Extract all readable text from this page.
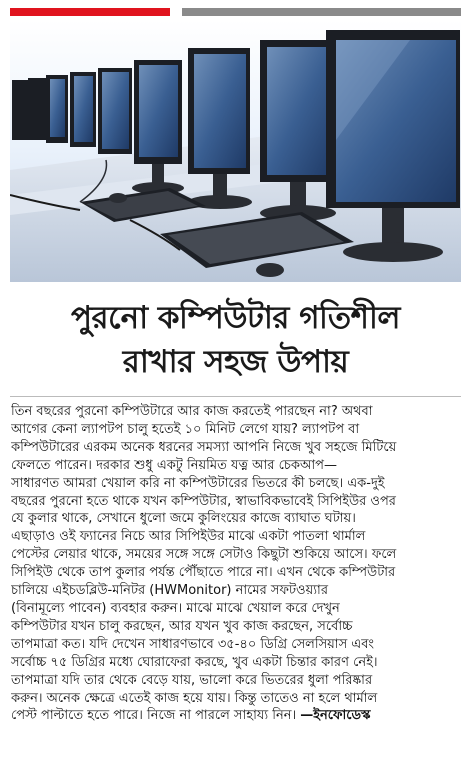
পুরনো কম্পিউটার গতিশীল
রাখার সহজ উপায়

তিন বছরের পুরনো কম্পিউটারে আর কাজ করতেই পারছেন না? অথবা

আগের কেনা ল্যাপটপ চালু হতেই ১০ মিনিট লেগে যায়? ল্যাপটপ বা

কম্পিউটারের এরকম অনেক ধরনের সমস্যা আপনি নিজে খুব সহজে মিটিয়ে

ফেলতে পারেন। দরকার শুধু একটু নিয়মিত যত্ন আর চেকআপ—

সাধারণত আমরা খেয়াল করি না কম্পিউটারের ভিতরে কী চলছে। এক-দুই

বছরের পুরনো হতে থাকে যখন কম্পিউটার, স্বাভাবিকভাবেই সিপিইউর ওপর

যে কুলার থাকে, সেখানে ধুলো জমে কুলিংয়ের কাজে ব্যাঘাত ঘটায়।

এছাড়াও ওই ফ্যানের নিচে আর সিপিইউর মাঝে একটা পাতলা থার্মাল

পেস্টের লেয়ার থাকে, সময়ের সঙ্গে সঙ্গে সেটাও কিছুটা শুকিয়ে আসে। ফলে

সিপিইউ থেকে তাপ কুলার পর্যন্ত পৌঁছাতে পারে না। এখন থেকে কম্পিউটার

চালিয়ে এইচডব্লিউ-মনিটর (HWMonitor) নামের সফটওয়্যার

(বিনামূল্যে পাবেন) ব্যবহার করুন। মাঝে মাঝে খেয়াল করে দেখুন

কম্পিউটার যখন চালু করছেন, আর যখন খুব কাজ করছেন, সর্বোচ্চ

তাপমাত্রা কত। যদি দেখেন সাধারণভাবে ৩৫-৪০ ডিগ্রি সেলসিয়াস এবং

সর্বোচ্চ ৭৫ ডিগ্রির মধ্যে ঘোরাফেরা করছে, খুব একটা চিন্তার কারণ নেই।

তাপমাত্রা যদি তার থেকে বেড়ে যায়, ভালো করে ভিতরের ধুলা পরিষ্কার

করুন। অনেক ক্ষেত্রে এতেই কাজ হয়ে যায়। কিন্তু তাতেও না হলে থার্মাল

পেস্ট পাল্টাতে হতে পারে। নিজে না পারলে সাহায্য নিন। —ইনফোডেস্ক
